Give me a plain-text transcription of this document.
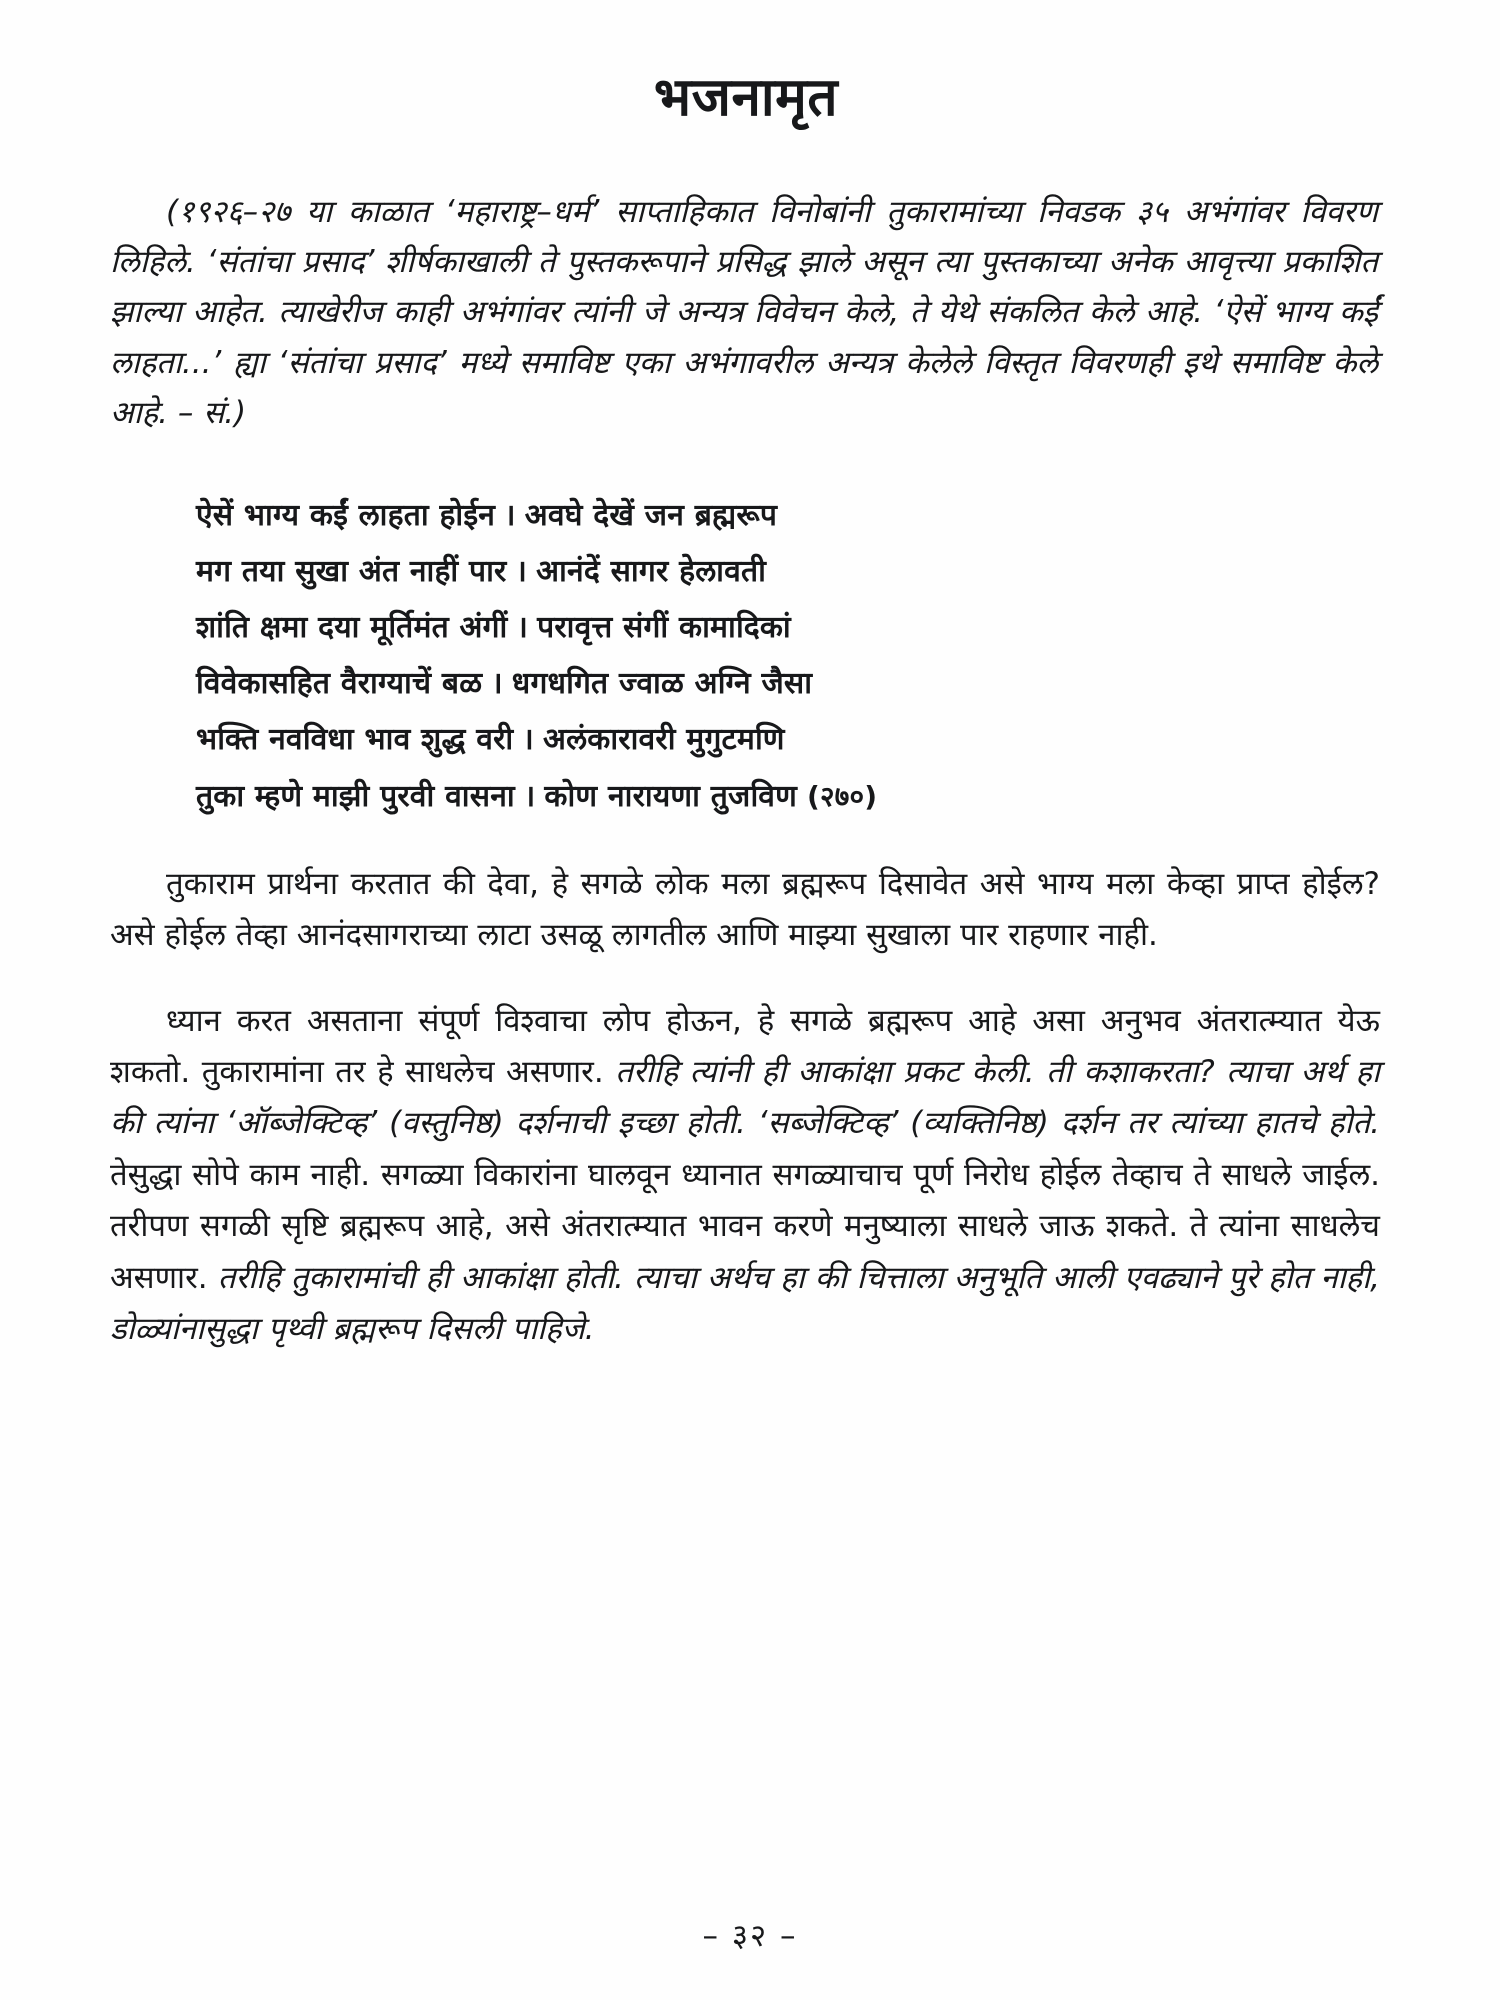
भजनामृत
(१९२६–२७ या काळात ‘महाराष्ट्र–धर्म’ साप्ताहिकात विनोबांनी तुकारामांच्या निवडक ३५ अभंगांवर विवरण लिहिले. ‘संतांचा प्रसाद’ शीर्षकाखाली ते पुस्तकरूपाने प्रसिद्ध झाले असून त्या पुस्तकाच्या अनेक आवृत्त्या प्रकाशित झाल्या आहेत. त्याखेरीज काही अभंगांवर त्यांनी जे अन्यत्र विवेचन केले, ते येथे संकलित केले आहे. ‘ऐसें भाग्य कईं लाहता...’ ह्या ‘संतांचा प्रसाद’ मध्ये समाविष्ट एका अभंगावरील अन्यत्र केलेले विस्तृत विवरणही इथे समाविष्ट केले आहे. – सं.)
ऐसें भाग्य कईं लाहता होईन । अवघे देखें जन ब्रह्मरूप
मग तया सुखा अंत नाहीं पार । आनंदें सागर हेलावती
शांति क्षमा दया मूर्तिमंत अंगीं । परावृत्त संगीं कामादिकां
विवेकासहित वैराग्याचें बळ । धगधगित ज्वाळ अग्नि जैसा
भक्ति नवविधा भाव शुद्ध वरी । अलंकारावरी मुगुटमणि
तुका म्हणे माझी पुरवी वासना । कोण नारायणा तुजविण (२७०)

तुकाराम प्रार्थना करतात की देवा, हे सगळे लोक मला ब्रह्मरूप दिसावेत असे भाग्य मला केव्हा प्राप्त होईल? असे होईल तेव्हा आनंदसागराच्या लाटा उसळू लागतील आणि माझ्या सुखाला पार राहणार नाही.

ध्यान करत असताना संपूर्ण विश्वाचा लोप होऊन, हे सगळे ब्रह्मरूप आहे असा अनुभव अंतरात्म्यात येऊ शकतो. तुकारामांना तर हे साधलेच असणार. तरीहि त्यांनी ही आकांक्षा प्रकट केली. ती कशाकरता? त्याचा अर्थ हा की त्यांना ‘ऑब्जेक्टिव्ह’ (वस्तुनिष्ठ) दर्शनाची इच्छा होती. ‘सब्जेक्टिव्ह’ (व्यक्तिनिष्ठ) दर्शन तर त्यांच्या हातचे होते. तेसुद्धा सोपे काम नाही. सगळ्या विकारांना घालवून ध्यानात सगळ्याचाच पूर्ण निरोध होईल तेव्हाच ते साधले जाईल. तरीपण सगळी सृष्टि ब्रह्मरूप आहे, असे अंतरात्म्यात भावन करणे मनुष्याला साधले जाऊ शकते. ते त्यांना साधलेच असणार. तरीहि तुकारामांची ही आकांक्षा होती. त्याचा अर्थच हा की चित्ताला अनुभूति आली एवढ्याने पुरे होत नाही, डोळ्यांनासुद्धा पृथ्वी ब्रह्मरूप दिसली पाहिजे.

– ३२ –
